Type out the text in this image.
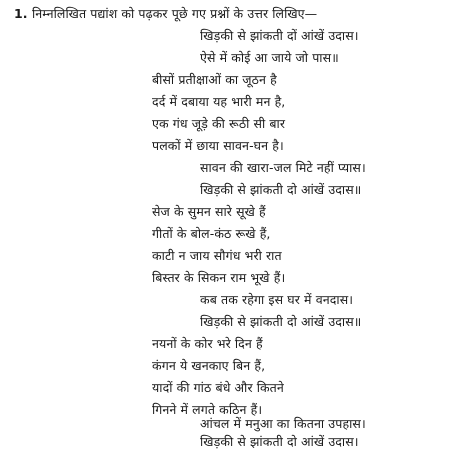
1. निम्नलिखित पद्यांश को पढ़कर पूछे गए प्रश्नों के उत्तर लिखिए—
खिड़की से झांकती दों आंखें उदास।
ऐसे में कोई आ जाये जो पास॥
बीसों प्रतीक्षाओं का जूठन है
दर्द में दबाया यह भारी मन है,
एक गंध जूड़े की रूठी सी बार
पलकों में छाया सावन-घन है।
सावन की खारा-जल मिटे नहीं प्यास।
खिड़की से झांकती दो आंखें उदास॥
सेज के सुमन सारे सूखे हैं
गीतों के बोल-कंठ रूखे हैं,
काटी न जाय सौगंध भरी रात
बिस्तर के सिकन राम भूखे हैं।
कब तक रहेगा इस घर में वनदास।
खिड़की से झांकती दो आंखें उदास॥
नयनों के कोर भरे दिन हैं
कंगन ये खनकाए बिन हैं,
यादों की गांठ बंधे और कितने
गिनने में लगते कठिन हैं।
आंचल में मनुआ का कितना उपहास।
खिड़की से झांकती दो आंखें उदास।
